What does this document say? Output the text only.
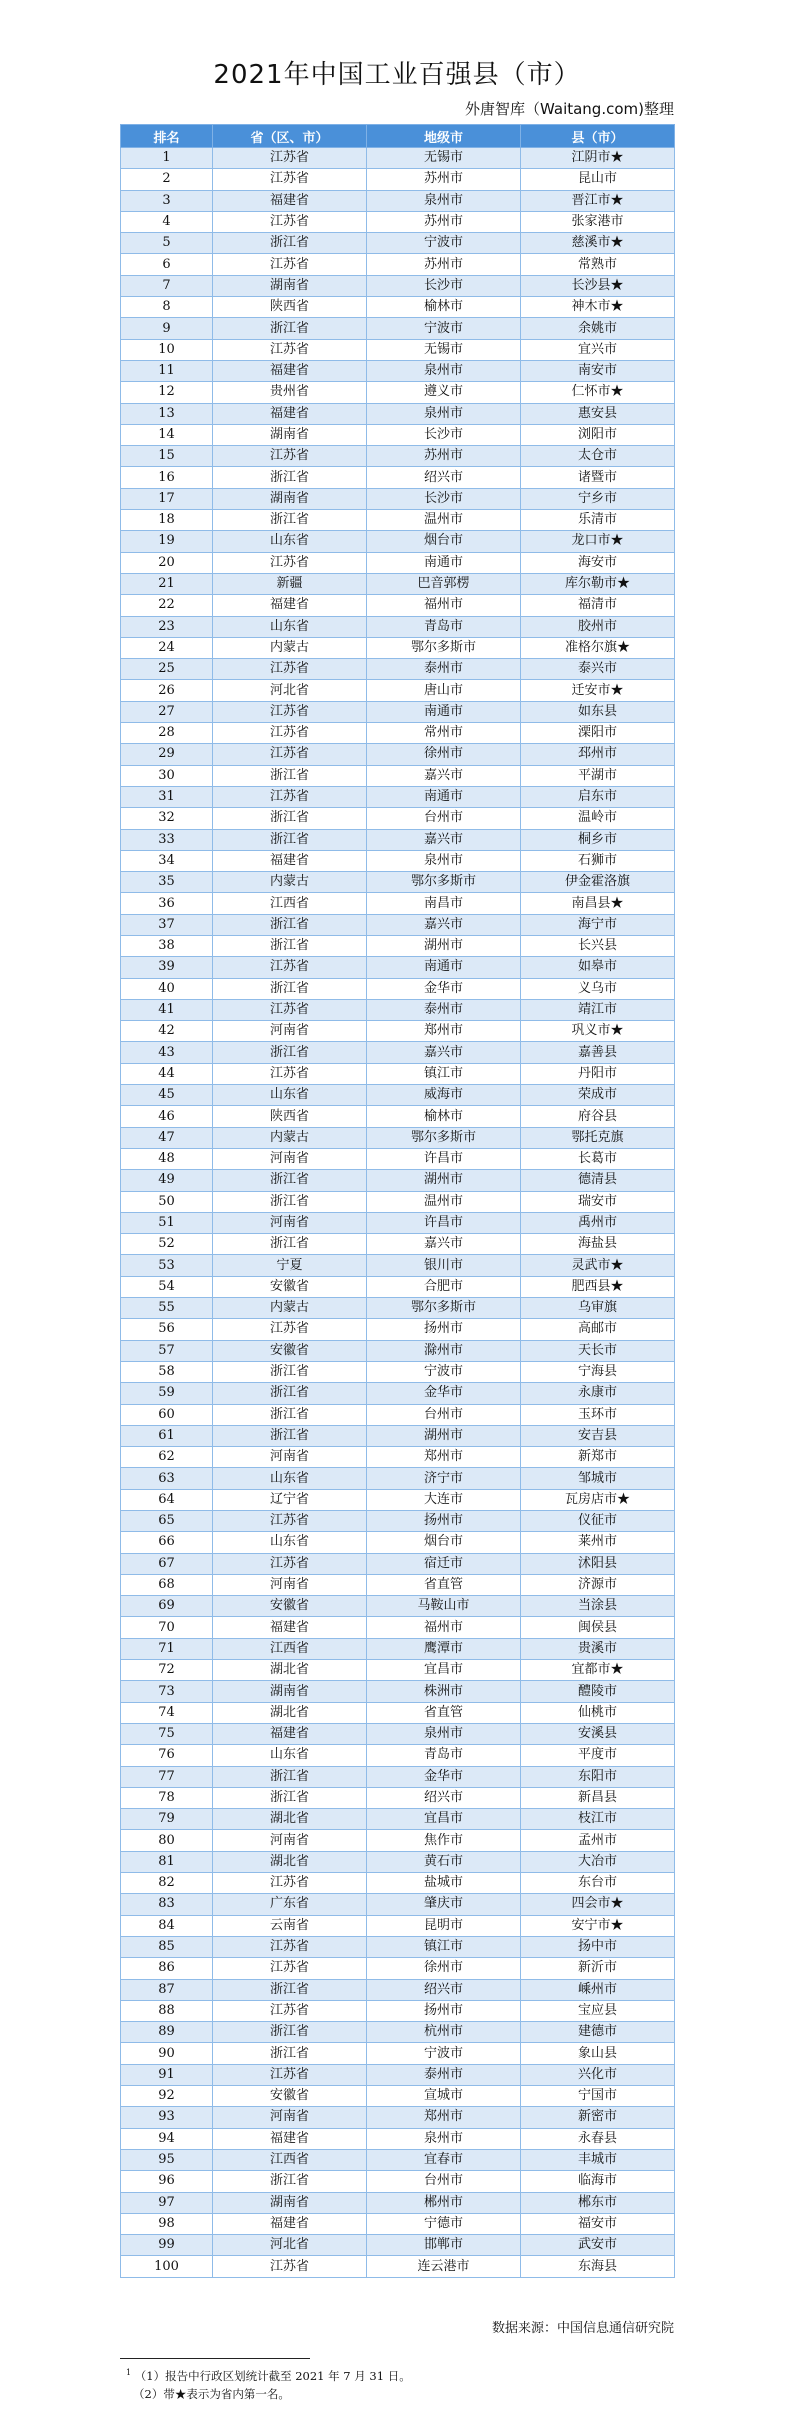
2021年中国工业百强县（市）
外唐智库（Waitang.com)整理
排名	省（区、市）	地级市	县（市）
1	江苏省	无锡市	江阴市★
2	江苏省	苏州市	昆山市
3	福建省	泉州市	晋江市★
4	江苏省	苏州市	张家港市
5	浙江省	宁波市	慈溪市★
6	江苏省	苏州市	常熟市
7	湖南省	长沙市	长沙县★
8	陕西省	榆林市	神木市★
9	浙江省	宁波市	余姚市
10	江苏省	无锡市	宜兴市
11	福建省	泉州市	南安市
12	贵州省	遵义市	仁怀市★
13	福建省	泉州市	惠安县
14	湖南省	长沙市	浏阳市
15	江苏省	苏州市	太仓市
16	浙江省	绍兴市	诸暨市
17	湖南省	长沙市	宁乡市
18	浙江省	温州市	乐清市
19	山东省	烟台市	龙口市★
20	江苏省	南通市	海安市
21	新疆	巴音郭楞	库尔勒市★
22	福建省	福州市	福清市
23	山东省	青岛市	胶州市
24	内蒙古	鄂尔多斯市	准格尔旗★
25	江苏省	泰州市	泰兴市
26	河北省	唐山市	迁安市★
27	江苏省	南通市	如东县
28	江苏省	常州市	溧阳市
29	江苏省	徐州市	邳州市
30	浙江省	嘉兴市	平湖市
31	江苏省	南通市	启东市
32	浙江省	台州市	温岭市
33	浙江省	嘉兴市	桐乡市
34	福建省	泉州市	石狮市
35	内蒙古	鄂尔多斯市	伊金霍洛旗
36	江西省	南昌市	南昌县★
37	浙江省	嘉兴市	海宁市
38	浙江省	湖州市	长兴县
39	江苏省	南通市	如皋市
40	浙江省	金华市	义乌市
41	江苏省	泰州市	靖江市
42	河南省	郑州市	巩义市★
43	浙江省	嘉兴市	嘉善县
44	江苏省	镇江市	丹阳市
45	山东省	威海市	荣成市
46	陕西省	榆林市	府谷县
47	内蒙古	鄂尔多斯市	鄂托克旗
48	河南省	许昌市	长葛市
49	浙江省	湖州市	德清县
50	浙江省	温州市	瑞安市
51	河南省	许昌市	禹州市
52	浙江省	嘉兴市	海盐县
53	宁夏	银川市	灵武市★
54	安徽省	合肥市	肥西县★
55	内蒙古	鄂尔多斯市	乌审旗
56	江苏省	扬州市	高邮市
57	安徽省	滁州市	天长市
58	浙江省	宁波市	宁海县
59	浙江省	金华市	永康市
60	浙江省	台州市	玉环市
61	浙江省	湖州市	安吉县
62	河南省	郑州市	新郑市
63	山东省	济宁市	邹城市
64	辽宁省	大连市	瓦房店市★
65	江苏省	扬州市	仪征市
66	山东省	烟台市	莱州市
67	江苏省	宿迁市	沭阳县
68	河南省	省直管	济源市
69	安徽省	马鞍山市	当涂县
70	福建省	福州市	闽侯县
71	江西省	鹰潭市	贵溪市
72	湖北省	宜昌市	宜都市★
73	湖南省	株洲市	醴陵市
74	湖北省	省直管	仙桃市
75	福建省	泉州市	安溪县
76	山东省	青岛市	平度市
77	浙江省	金华市	东阳市
78	浙江省	绍兴市	新昌县
79	湖北省	宜昌市	枝江市
80	河南省	焦作市	孟州市
81	湖北省	黄石市	大冶市
82	江苏省	盐城市	东台市
83	广东省	肇庆市	四会市★
84	云南省	昆明市	安宁市★
85	江苏省	镇江市	扬中市
86	江苏省	徐州市	新沂市
87	浙江省	绍兴市	嵊州市
88	江苏省	扬州市	宝应县
89	浙江省	杭州市	建德市
90	浙江省	宁波市	象山县
91	江苏省	泰州市	兴化市
92	安徽省	宣城市	宁国市
93	河南省	郑州市	新密市
94	福建省	泉州市	永春县
95	江西省	宜春市	丰城市
96	浙江省	台州市	临海市
97	湖南省	郴州市	郴东市
98	福建省	宁德市	福安市
99	河北省	邯郸市	武安市
100	江苏省	连云港市	东海县
数据来源：中国信息通信研究院
$^1$ （1）报告中行政区划统计截至 2021 年 7 月 31 日。
（2）带★表示为省内第一名。
